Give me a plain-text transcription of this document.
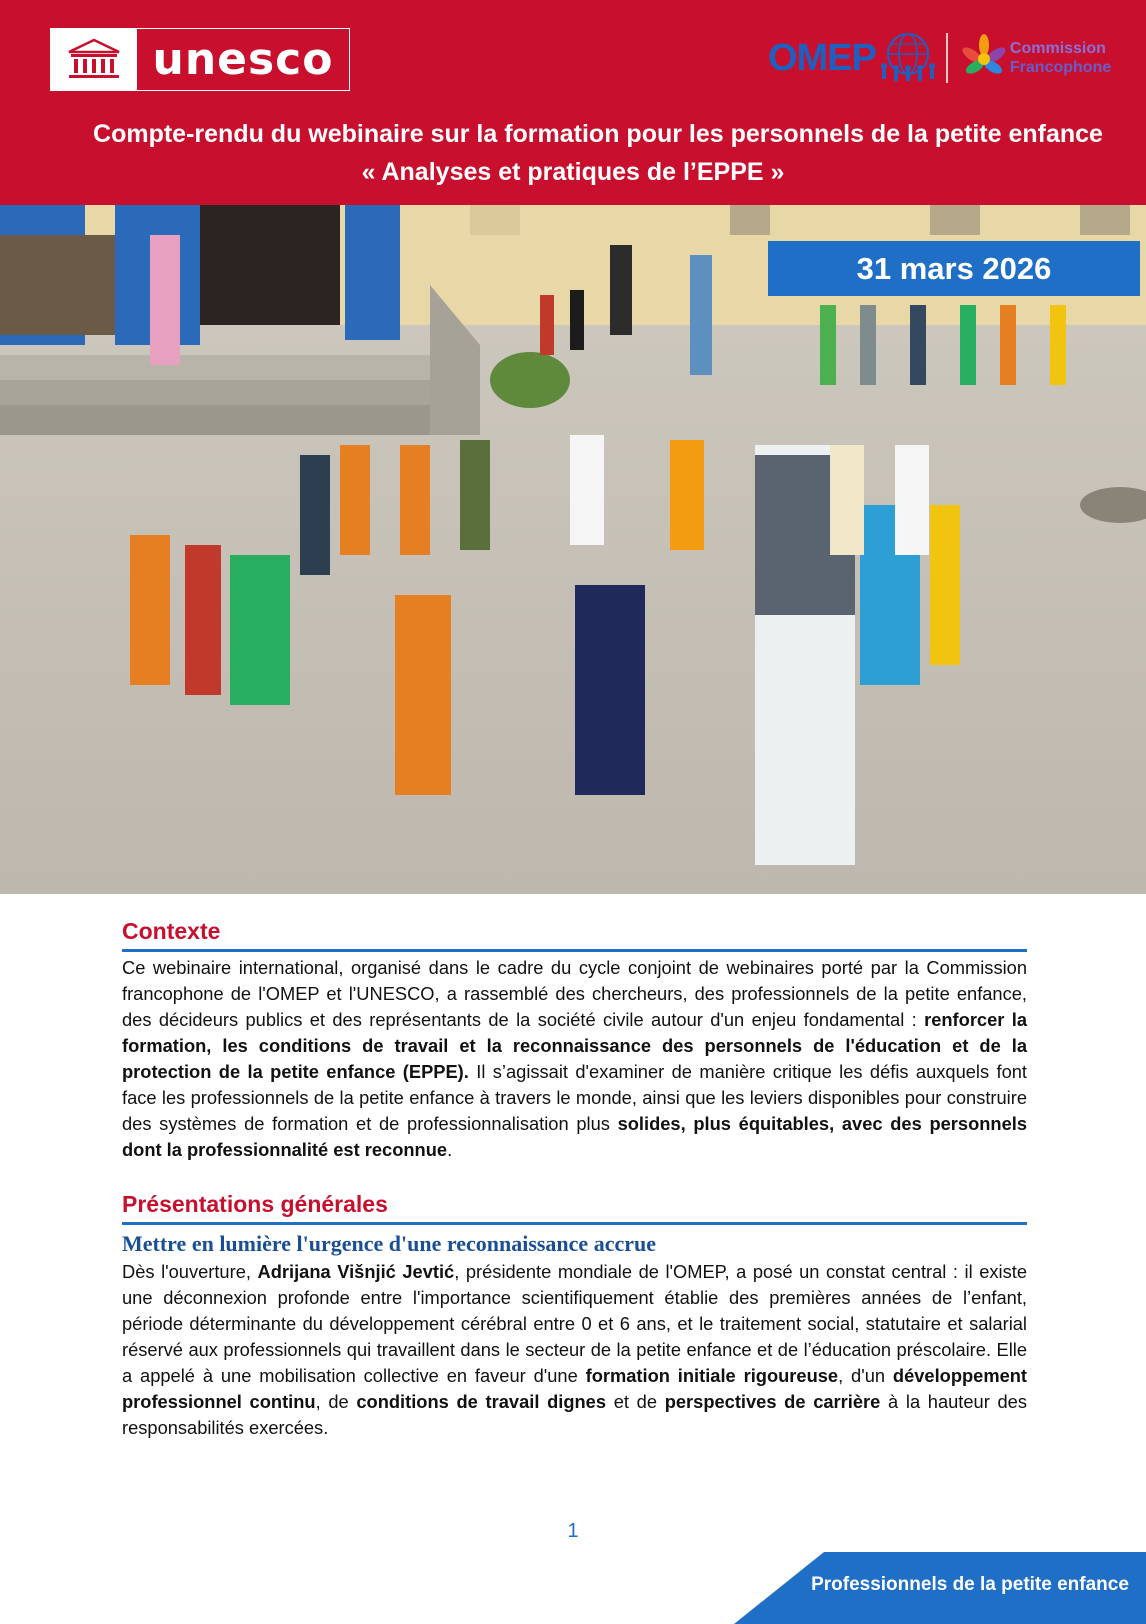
unesco	OMEP	Commission
Francophone
Compte-rendu du webinaire sur la formation pour les personnels de la petite enfance
« Analyses et pratiques de l’EPPE »
31 mars 2026
Contexte
Ce webinaire international, organisé dans le cadre du cycle conjoint de webinaires porté par la Commission francophone de l'OMEP et l'UNESCO, a rassemblé des chercheurs, des professionnels de la petite enfance, des décideurs publics et des représentants de la société civile autour d'un enjeu fondamental : renforcer la formation, les conditions de travail et la reconnaissance des personnels de l'éducation et de la protection de la petite enfance (EPPE). Il s’agissait d'examiner de manière critique les défis auxquels font face les professionnels de la petite enfance à travers le monde, ainsi que les leviers disponibles pour construire des systèmes de formation et de professionnalisation plus solides, plus équitables, avec des personnels dont la professionnalité est reconnue.
Présentations générales
Mettre en lumière l'urgence d'une reconnaissance accrue
Dès l'ouverture, Adrijana Višnjić Jevtić, présidente mondiale de l'OMEP, a posé un constat central : il existe une déconnexion profonde entre l'importance scientifiquement établie des premières années de l’enfant, période déterminante du développement cérébral entre 0 et 6 ans, et le traitement social, statutaire et salarial réservé aux professionnels qui travaillent dans le secteur de la petite enfance et de l’éducation préscolaire. Elle a appelé à une mobilisation collective en faveur d'une formation initiale rigoureuse, d'un développement professionnel continu, de conditions de travail dignes et de perspectives de carrière à la hauteur des responsabilités exercées.
1
Professionnels de la petite enfance
